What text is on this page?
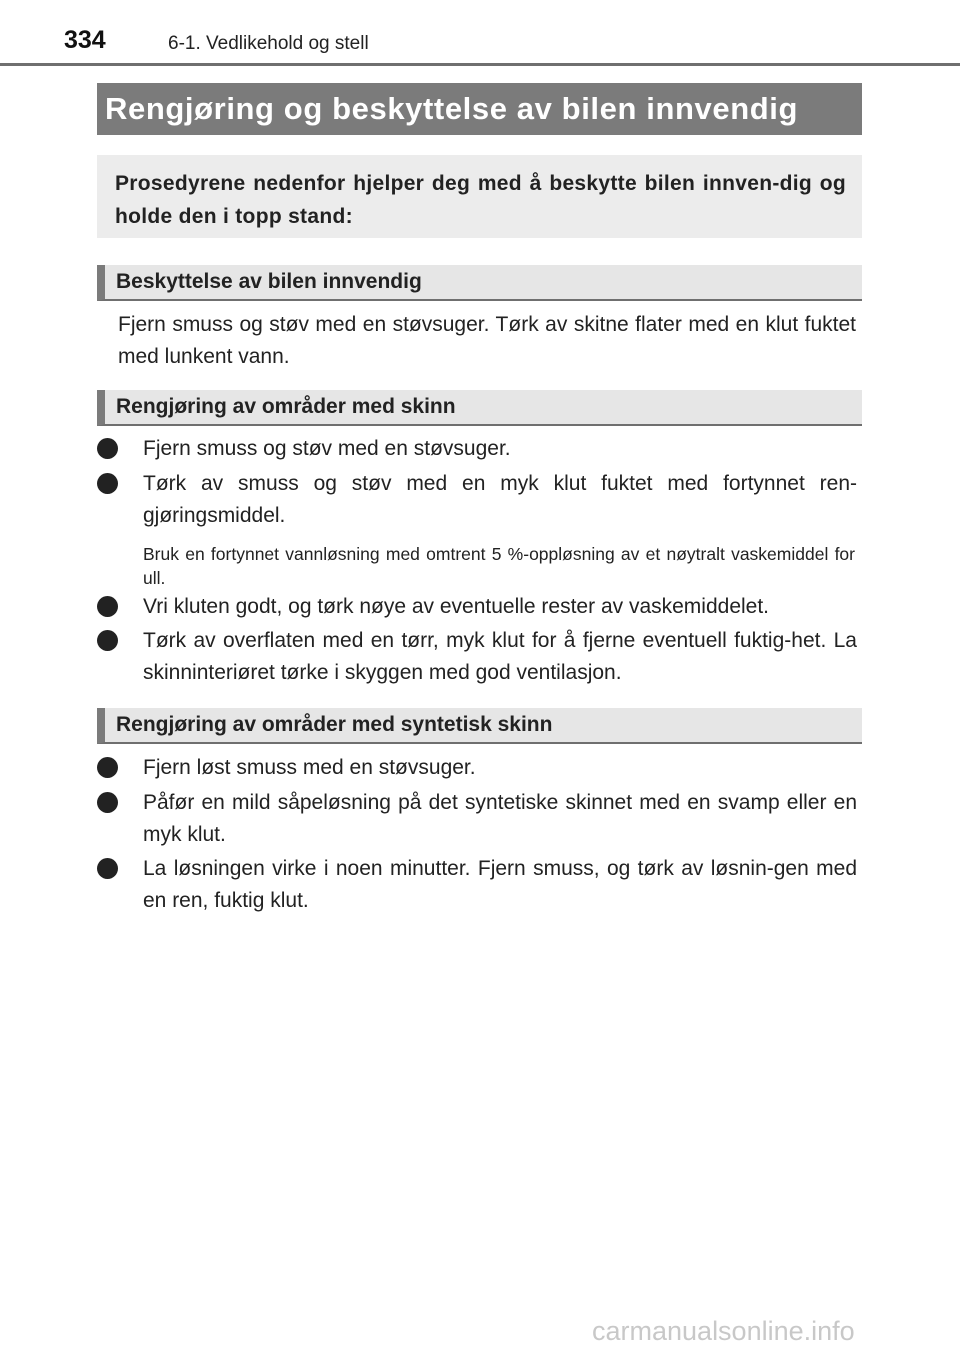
334	6-1. Vedlikehold og stell
Rengjøring og beskyttelse av bilen innvendig
Prosedyrene nedenfor hjelper deg med å beskytte bilen innven-dig og holde den i topp stand:
Beskyttelse av bilen innvendig
Fjern smuss og støv med en støvsuger. Tørk av skitne flater med en klut fuktet med lunkent vann.
Rengjøring av områder med skinn
Fjern smuss og støv med en støvsuger.
Tørk av smuss og støv med en myk klut fuktet med fortynnet ren-gjøringsmiddel.
Bruk en fortynnet vannløsning med omtrent 5 %-oppløsning av et nøytralt vaskemiddel for ull.
Vri kluten godt, og tørk nøye av eventuelle rester av vaskemiddelet.
Tørk av overflaten med en tørr, myk klut for å fjerne eventuell fuktig-het. La skinninteriøret tørke i skyggen med god ventilasjon.
Rengjøring av områder med syntetisk skinn
Fjern løst smuss med en støvsuger.
Påfør en mild såpeløsning på det syntetiske skinnet med en svamp eller en myk klut.
La løsningen virke i noen minutter. Fjern smuss, og tørk av løsnin-gen med en ren, fuktig klut.
carmanualsonline.info
